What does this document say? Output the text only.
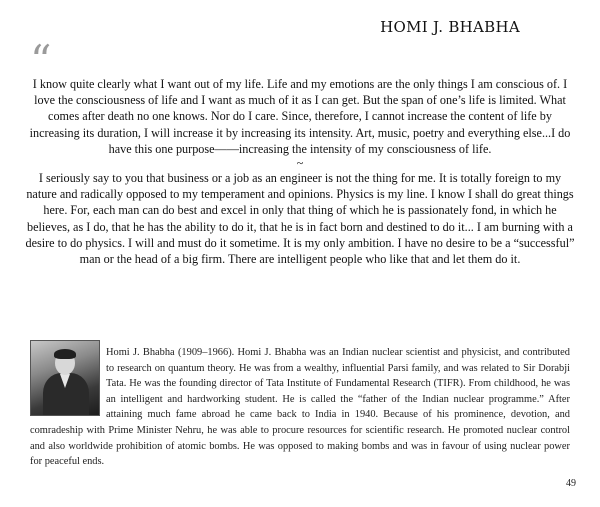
HOMI J. BHABHA
“

I know quite clearly what I want out of my life. Life and my emotions are the only things I am conscious of. I love the consciousness of life and I want as much of it as I can get. But the span of one’s life is limited. What comes after death no one knows. Nor do I care. Since, therefore, I cannot increase the content of life by increasing its duration, I will increase it by increasing its intensity. Art, music, poetry and everything else...I do have this one purpose——increasing the intensity of my consciousness of life.

~

I seriously say to you that business or a job as an engineer is not the thing for me. It is totally foreign to my nature and radically opposed to my temperament and opinions. Physics is my line. I know I shall do great things here. For, each man can do best and excel in only that thing of which he is passionately fond, in which he believes, as I do, that he has the ability to do it, that he is in fact born and destined to do it... I am burning with a desire to do physics. I will and must do it sometime. It is my only ambition. I have no desire to be a “successful” man or the head of a big firm. There are intelligent people who like that and let them do it.

Homi J. Bhabha (1909–1966). Homi J. Bhabha was an Indian nuclear scientist and physicist, and contributed to research on quantum theory. He was from a wealthy, influential Parsi family, and was related to Sir Dorabji Tata. He was the founding director of Tata Institute of Fundamental Research (TIFR). From childhood, he was an intelligent and hardworking student. He is called the “father of the Indian nuclear programme.” After attaining much fame abroad he came back to India in 1940. Because of his prominence, devotion, and comradeship with Prime Minister Nehru, he was able to procure resources for scientific research. He promoted nuclear control and also worldwide prohibition of atomic bombs. He was opposed to making bombs and was in favour of using nuclear power for peaceful ends.

49
